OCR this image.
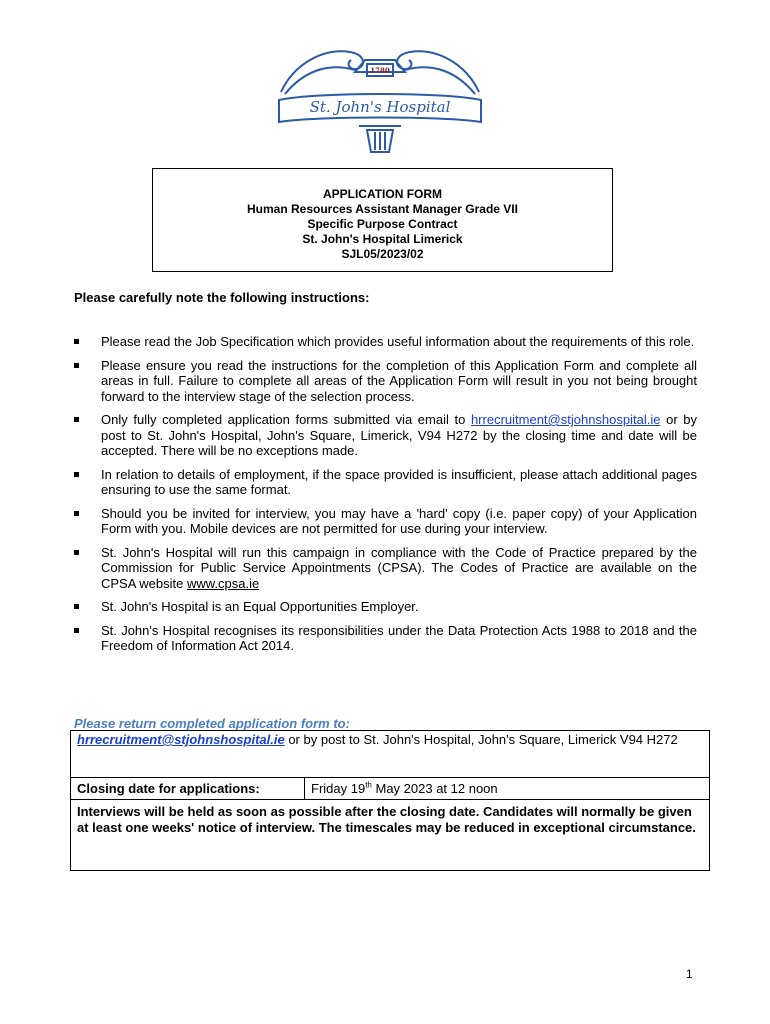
1780
St. John's Hospital
APPLICATION FORM
Human Resources Assistant Manager Grade VII
Specific Purpose Contract
St. John's Hospital Limerick
SJL05/2023/02
Please carefully note the following instructions:
Please read the Job Specification which provides useful information about the requirements of this role.
Please ensure you read the instructions for the completion of this Application Form and complete all areas in full. Failure to complete all areas of the Application Form will result in you not being brought forward to the interview stage of the selection process.
Only fully completed application forms submitted via email to hrrecruitment@stjohnshospital.ie or by post to St. John's Hospital, John's Square, Limerick, V94 H272 by the closing time and date will be accepted. There will be no exceptions made.
In relation to details of employment, if the space provided is insufficient, please attach additional pages ensuring to use the same format.
Should you be invited for interview, you may have a 'hard' copy (i.e. paper copy) of your Application Form with you. Mobile devices are not permitted for use during your interview.
St. John's Hospital will run this campaign in compliance with the Code of Practice prepared by the Commission for Public Service Appointments (CPSA). The Codes of Practice are available on the CPSA website www.cpsa.ie
St. John's Hospital is an Equal Opportunities Employer.
St. John's Hospital recognises its responsibilities under the Data Protection Acts 1988 to 2018 and the Freedom of Information Act 2014.
Please return completed application form to:
hrrecruitment@stjohnshospital.ie or by post to St. John's Hospital, John's Square, Limerick V94 H272
Closing date for applications:	Friday 19th May 2023 at 12 noon
Interviews will be held as soon as possible after the closing date. Candidates will normally be given at least one weeks' notice of interview. The timescales may be reduced in exceptional circumstance.
1
